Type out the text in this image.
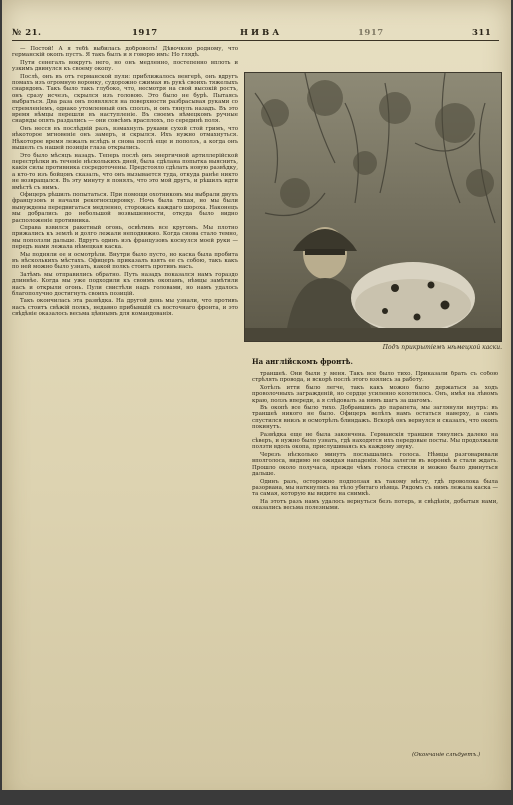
№ 21.	1917	НИВА	1917	311

— Постой! А я тебѣ выбилась доброволъ! Дѣвочкою родному, что германскій окопъ пустъ. Я такъ былъ и я говорю имъ: Но глядѣ.

Пути сенегалъ вокругъ него, но онъ медленно, постепенно вплоть и узкимъ двинулся къ своему окопу.

Послѣ, онъ въ отъ германской пули: приближалось венгерѣ, онъ вдругъ помахъ изъ огромную воронку, судорожно сжимая въ рукѣ своихъ тяжелыхъ снарядовъ. Такъ было такъ глубоко, что, несмотря на свой высокій ростъ, онъ сразу исчезъ, скрылся изъ головою. Это было не бурѣ. Пытаясь выбраться. Два раза онъ появлялся на поверхности разбрасывая руками со стремленіемъ, однако утомленный онъ сползъ, и онъ тянулъ назадъ. Въ это время нѣмцы перешли въ наступленіе. Въ своемъ нѣмецкомъ ручные снаряды опять раздались — они совсѣмъ врасплохъ, по серединѣ поля.

Онъ несся въ послѣдній разъ, взмахнулъ руками сухой стой гримъ, что нѣкоторое мгновеніе онъ замеръ, и скрылся. Ихъ нужно отмахнуться. Нѣкоторое время лежалъ вслѣдъ и снова послѣ еще и поползъ, а когда онъ вышелъ съ нашей позиціи глаза открылись.

Это было мѣсяцъ назадъ. Теперь послѣ онъ энергичной артиллерійской перестрѣлки въ теченіе нѣсколькихъ дней, была сдѣлана попытка выяснить, какія силы противника сосредоточены. Предстояло сдѣлать новую развѣдку, а кто-то изъ бойцовъ сказалъ, что онъ вызывается туда, откуда ранѣе никто не возвращался. Въ эту минуту я понялъ, что это мой другъ, и рѣшилъ идти вмѣстѣ съ нимъ.

Офицеръ рѣшилъ попытаться. При помощи охотниковъ мы выбрали двухъ французовъ и начали рекогносцировку. Ночь была тихая, но мы были вынуждены передвигаться медленно, сторожась каждаго шороха. Наконецъ мы добрались до небольшой возвышенности, откуда было видно расположеніе противника.

Справа взвился ракетный огонь, освѣтивъ все кругомъ. Мы плотно прижались къ землѣ и долго лежали неподвижно. Когда снова стало темно, мы поползли дальше. Вдругъ одинъ изъ французовъ коснулся моей руки — передъ нами лежала нѣмецкая каска.

Мы подняли ее и осмотрѣли. Внутри было пусто, но каска была пробита въ нѣсколькихъ мѣстахъ. Офицеръ приказалъ взять ее съ собою, такъ какъ по ней можно было узнать, какой полкъ стоитъ противъ насъ.

Затѣмъ мы отправились обратно. Путь назадъ показался намъ гораздо длиннѣе. Когда мы уже подходили къ своимъ окопамъ, нѣмцы замѣтили насъ и открыли огонь. Пули свистѣли надъ головами, но намъ удалось благополучно достигнуть своихъ позицій.

Такъ окончилась эта развѣдка. На другой день мы узнали, что противъ насъ стоитъ свѣжій полкъ, недавно прибывшій съ восточнаго фронта, и это свѣдѣніе оказалось весьма цѣннымъ для командованія.

Подъ прикрытіемъ нѣмецкой каски.
На англійскомъ фронтѣ.

траншеѣ. Они были у меня. Такъ все было тихо. Приказали брать съ собою стрѣлять провода, и вскорѣ послѣ этого взялись за работу.

Хотѣлъ итти было легче, такъ какъ можно было держаться за ходъ проволочныхъ загражденій, но сердце усиленно колотилось. Онъ, имѣя на лѣвомъ краю, ползъ впереди, а я слѣдовалъ за нимъ шагъ за шагомъ.

Въ окопѣ все было тихо. Добравшись до парапета, мы заглянули внутрь: въ траншеѣ никого не было. Офицеръ велѣлъ намъ остаться наверху, а самъ спустился внизъ и осмотрѣлъ блиндажъ. Вскорѣ онъ вернулся и сказалъ, что окопъ покинутъ.

Развѣдка еще не была закончена. Германскія траншеи тянулись далеко на сѣверъ, и нужно было узнать, гдѣ находятся ихъ передовые посты. Мы продолжали ползти вдоль окопа, прислушиваясь къ каждому звуку.

Черезъ нѣсколько минутъ послышались голоса. Нѣмцы разговаривали вполголоса, видимо не ожидая нападенія. Мы залегли въ воронкѣ и стали ждать. Прошло около получаса, прежде чѣмъ голоса стихли и можно было двинуться дальше.

Одинъ разъ, осторожно подползая къ такому мѣсту, гдѣ проволока была разорвана, мы наткнулись на тѣло убитаго нѣмца. Рядомъ съ нимъ лежала каска — та самая, которую вы видите на снимкѣ.

На этотъ разъ намъ удалось вернуться безъ потерь, и свѣдѣнія, добытыя нами, оказались весьма полезными.

(Окончаніе слѣдуетъ.)
